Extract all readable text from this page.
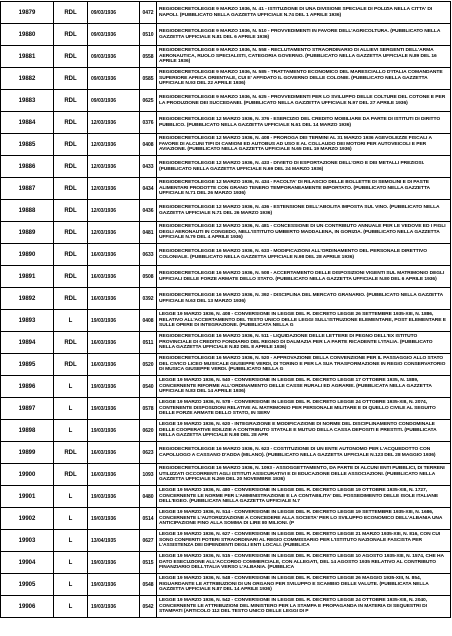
19879	RDL	09/03/1936	0472	REGIODECRETOLEGGE 9 MARZO 1936, N. 41 - ISTITUZIONE DI UNA DIVISIONE SPECIALE DI POLIZIA NELLA CITTA' DI NAPOLI. (PUBBLICATO NELLA GAZZETTA UFFICIALE N.74 DEL 1 APRILE 1936)
19880	RDL	09/03/1936	0510	REGIODECRETOLEGGE 9 MARZO 1936, N. 510 - PROVVEDIMENTI IN FAVORE DELL'AGRICOLTURA. (PUBBLICATO NELLA GAZZETTA UFFICIALE N.81 DEL 6 APRILE 1936)
19881	RDL	09/03/1936	0558	REGIODECRETOLEGGE 9 MARZO 1936, N. 558 - RECLUTAMENTO STRAORDINARIO DI ALLIEVI SERGENTI DELL'ARMA AERONAUTICA, RUOLO SPECIALISTI, CATEGORIA GOVERNO. (PUBBLICATO NELLA GAZZETTA UFFICIALE N.89 DEL 16 APRILE 1936)
19882	RDL	09/03/1936	0585	REGIODECRETOLEGGE 9 MARZO 1936, N. 585 - TRATTAMENTO ECONOMICO DEL MARESCIALLO D'ITALIA COMANDANTE SUPERIORE AFRICA ORIENTALE, CUI E' AFFIDATO IL GOVERNO DELLE COLONIE. (PUBBLICATO NELLA GAZZETTA UFFICIALE N.93 DEL 22 APRILE 1936)
19883	RDL	09/03/1936	0625	REGIODECRETOLEGGE 9 MARZO 1936, N. 625 - PROVVEDIMENTI PER LO SVILUPPO DELLE COLTURE DEL COTONE E PER LA PRODUZIONE DEI SUCCEDANEI. (PUBBLICATO NELLA GAZZETTA UFFICIALE N.97 DEL 27 APRILE 1936)
19884	RDL	12/03/1936	0376	REGIODECRETOLEGGE 12 MARZO 1936, N. 376 - ESERCIZIO DEL CREDITO MOBILIARE DA PARTE DI ISTITUTI DI DIRITTO PUBBLICO. (PUBBLICATO NELLA GAZZETTA UFFICIALE N.61 DEL 14 MARZO 1936)
19885	RDL	12/03/1936	0408	REGIODECRETOLEGGE 12 MARZO 1936, N. 408 - PROROGA DEI TERMINI AL 31 MARZO 1936 AGEVOLEZZE FISCALI A FAVORE DI ALCUNI TIPI DI CAMIONI ED AUTOBUS AD USO E AL COLLAUDO DEI MOTORI PER AUTOVEICOLI E PER AVIAZIONE. (PUBBLICATO NELLA GAZZETTA UFFICIALE N.65 DEL 19 MARZO 1936)
19886	RDL	12/03/1936	0433	REGIODECRETOLEGGE 12 MARZO 1936, N. 433 - DIVIETO DI ESPORTAZIONE DELL'ORO E DEI METALLI PREZIOSI. (PUBBLICATO NELLA GAZZETTA UFFICIALE N.69 DEL 24 MARZO 1936)
19887	RDL	12/03/1936	0434	REGIODECRETOLEGGE 12 MARZO 1936, N. 434 - FACOLTA' DI RILASCIO DELLE BOLLETTE DI SEMOLINI E DI PASTE ALIMENTARI PRODOTTE CON GRANO TENERO TEMPORANEAMENTE IMPORTATO. (PUBBLICATO NELLA GAZZETTA UFFICIALE N.71 DEL 26 MARZO 1936)
19888	RDL	12/03/1936	0436	REGIODECRETOLEGGE 12 MARZO 1936, N. 436 - ESTENSIONE DELL'ABOLITA IMPOSTA SUL VINO. (PUBBLICATO NELLA GAZZETTA UFFICIALE N.71 DEL 26 MARZO 1936)
19889	RDL	12/03/1936	0481	REGIODECRETOLEGGE 12 MARZO 1936, N. 481 - CONCESSIONE DI UN CONTRIBUTO ANNUALE PER LE VEDOVE ED I FIGLI DEGLI AERONAUTI IN CONGEDO, NELL'ISTITUTO UMBERTO MADDALENA, IN GORIZIA. (PUBBLICATO NELLA GAZZETTA UFFICIALE N.79 DEL 4 APRILE 1936)
19890	RDL	16/03/1936	0633	REGIODECRETOLEGGE 16 MARZO 1936, N. 633 - MODIFICAZIONI ALL'ORDINAMENTO DEL PERSONALE DIRETTIVO COLONIALE. (PUBBLICATO NELLA GAZZETTA UFFICIALE N.98 DEL 28 APRILE 1936)
19891	RDL	16/03/1936	0508	REGIODECRETOLEGGE 16 MARZO 1936, N. 508 - ACCERTAMENTO DELLE DISPOSIZIONI VIGENTI SUL MATRIMONIO DEGLI UFFICIALI DELLE FORZE ARMATE DELLO STATO. (PUBBLICATO NELLA GAZZETTA UFFICIALE N.80 DEL 6 APRILE 1936)
19892	RDL	16/03/1936	0392	REGIODECRETOLEGGE 16 MARZO 1936, N. 392 - DISCIPLINA DEL MERCATO GRANARIO. (PUBBLICATO NELLA GAZZETTA UFFICIALE N.63 DEL 13 MARZO 1936)
19893	L	19/03/1936	0408	LEGGE 19 MARZO 1936, N. 408 - CONVERSIONE IN LEGGE DEL R. DECRETO LEGGE 26 SETTEMBRE 1935-XIII, N. 1886, RELATIVO ALL'ACCERTAMENTO DEL TESTO UNICO DELLE LEGGI SULL'ISTRUZIONE ELEMENTARE, POST ELEMENTARE E SULLE OPERE DI INTEGRAZIONE. (PUBBLICATA NELLA G
19894	RDL	16/03/1936	0511	REGIODECRETOLEGGE 16 MARZO 1936, N. 511 - LIQUIDAZIONE DELLE LETTERE DI PEGNO DELL'EX ISTITUTO PROVINCIALE DI CREDITO FONDIARIO DEL REGNO DI DALMAZIA PER LA PARTE RICADENTE L'ITALIA. (PUBBLICATO NELLA GAZZETTA UFFICIALE N.82 DEL 8 APRILE 1936)
19895	RDL	16/03/1936	0520	REGIODECRETOLEGGE 16 MARZO 1936, N. 520 - APPROVAZIONE DELLA CONVENZIONE PER IL PASSAGGIO ALLO STATO DEL CIVICO LICEO MUSICALE GIUSEPPE VERDI, DI TORINO E PER LA SUA TRASFORMAZIONE IN REGIO CONSERVATORIO DI MUSICA GIUSEPPE VERDI. (PUBBLICATO NELLA G
19896	L	19/03/1936	0540	LEGGE 19 MARZO 1936, N. 540 - CONVERSIONE IN LEGGE DEL R. DECRETO LEGGE 17 OTTOBRE 1935, N. 1889, CONCERNENTE RIFORME ALL'ORDINAMENTO DELLE CASSE RURALI ED AGRARIE. (PUBBLICATA NELLA GAZZETTA UFFICIALE N.83 DEL 14 APRILE 1936)
19897	L	19/03/1936	0578	LEGGE 19 MARZO 1936, N. 578 - CONVERSIONE IN LEGGE DEL R. DECRETO LEGGE 24 OTTOBRE 1935-XIII, N. 2074, CONTENENTE DISPOSIZIONI RELATIVE AL MATRIMONIO PER PERSONALE MILITARE E DI QUELLO CIVILE AL SEGUITO DELLE FORZE ARMATE DELLO STATO, IN SERV
19898	L	19/03/1936	0620	LEGGE 19 MARZO 1936, N. 620 - INTEGRAZIONE E MODIFICAZIONE DI NORME DEL DISCIPLINAMENTO CONDOMINALE DELLE COOPERATIVE EDILIZIE A CONTRIBUTO STATALE E MUTUO DELLA CASSA DEPOSITI E PRESTITI. (PUBBLICATA NELLA GAZZETTA UFFICIALE N.98 DEL 28 APR
19899	RDL	16/03/1936	0623	REGIODECRETOLEGGE 16 MARZO 1936, N. 623 - COSTITUZIONE DI UN ENTE AUTONOMO PER L'ACQUEDOTTO CON CAPOLUOGO A CASSANO D'ADDA (MILANO). (PUBBLICATO NELLA GAZZETTA UFFICIALE N.123 DEL 28 MAGGIO 1936)
19900	RDL	16/03/1936	1093	REGIODECRETOLEGGE 16 MARZO 1936, N. 1093 - ASSOGGETTAMENTO, DA PARTE DI ALCUNI ENTI PUBBLICI, DI TERRENI UTILIZZATI OCCORRENTI AGLI ISTITUTI ASSICURATIVI E DI EDUCAZIONE DELLE ASSOCIAZIONI. (PUBBLICATO NELLA GAZZETTA UFFICIALE N.269 DEL 20 NOVEMBRE 1936)
19901	L	19/03/1936	0480	LEGGE 19 MARZO 1936, N. 480 - CONVERSIONE IN LEGGE DEL R. DECRETO LEGGE 19 OTTOBRE 1935-XIII, N. 1727, CONCERNENTE LE NORME PER L'AMMINISTRAZIONE E LA CONTABILITA' DEL POSSEDIMENTO DELLE ISOLE ITALIANE DELL'EGEO. (PUBBLICATA NELLA GAZZETTA UFFICIALE N.7
19902	L	19/03/1936	0514	LEGGE 19 MARZO 1936, N. 514 - CONVERSIONE IN LEGGE DEL R. DECRETO LEGGE 19 SETTEMBRE 1935-XIII, N. 1686, CONCERNENTE L'AUTORIZZAZIONE A CONCEDERE ALLA SOCIETA' PER LO SVILUPPO ECONOMICO DELL'ALBANIA UNA ANTICIPAZIONE FINO ALLA SOMMA DI LIRE 80 MILIONI. (P
19903	L	13/04/1935	0627	LEGGE 19 MARZO 1936, N. 627 - CONVERSIONE IN LEGGE DEL R. DECRETO LEGGE 21 MARZO 1935-XIII, N. 816, CON CUI SONO CONFERITI POTERI STRAORDINARI AL REGIO COMMISSARIO PER L'ISTITUTO NAZIONALE FASCISTA PER L'ASSISTENZA DEI DIPENDENTI DEGLI ENTI LOCALI. (PUBBLICA
19904	L	19/03/1936	0515	LEGGE 19 MARZO 1936, N. 515 - CONVERSIONE IN LEGGE DEL R. DECRETO LEGGE 10 AGOSTO 1935-XIII, N. 1574, CHE HA DATO ESECUZIONE ALL'ACCORDO COMMERCIALE, CON ALLEGATI, DEL 14 AGOSTO 1935 RELATIVO AL CONTRIBUTO FINANZIARIO DELL'ITALIA VERSO L'ALBANIA. (PUBBLICA
19905	L	19/03/1936	0548	LEGGE 19 MARZO 1936, N. 548 - CONVERSIONE IN LEGGE DEL R. DECRETO LEGGE 26 MAGGIO 1935-XIII, N. 854, RIGUARDANTE LE ATTRIBUZIONI DI UN ORGANO PER SVILUPPO E SCAMBIO DELLE VALUTE. (PUBBLICATA NELLA GAZZETTA UFFICIALE N.87 DEL 14 APRILE 1936)
19906	L	19/03/1936	0542	LEGGE 19 MARZO 1936, N. 542 - CONVERSIONE IN LEGGE DEL R. DECRETO LEGGE 24 OTTOBRE 1935-XIII, N. 2040, CONCERNENTE LE ATTRIBUZIONI DEL MINISTERO PER LA STAMPA E PROPAGANDA IN MATERIA DI SEQUESTRI DI STAMPATI (ARTICOLO 112 DEL TESTO UNICO DELLE LEGGI DI P
